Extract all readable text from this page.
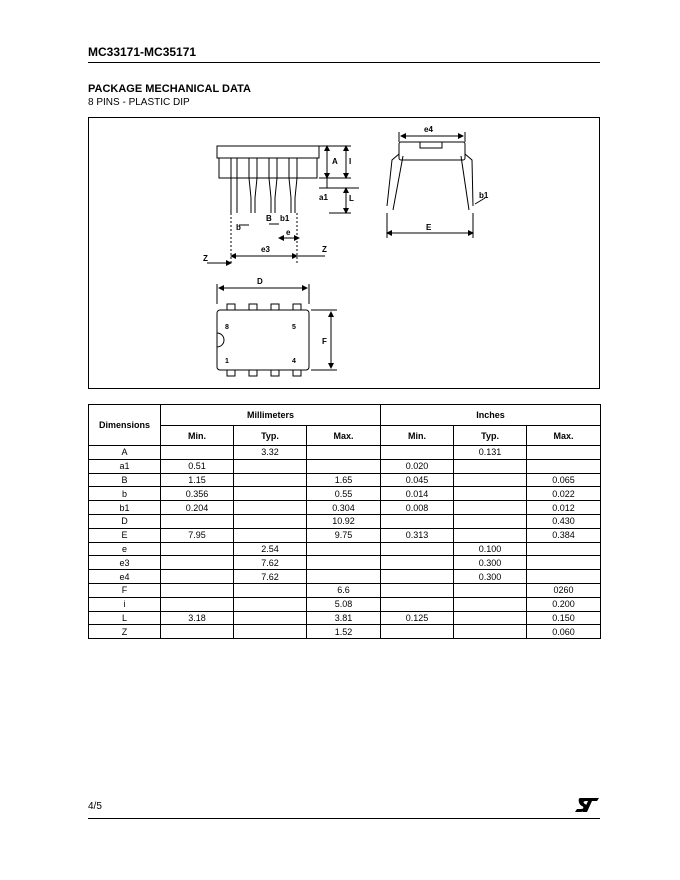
MC33171-MC35171
PACKAGE MECHANICAL DATA
8 PINS - PLASTIC DIP
A I
L
a1
b
B b1
e
e3
Z
Z
e4
b1
E
D
F
8	5
1	4
Dimensions	Millimeters			Inches		
	Min.	Typ.	Max.	Min.	Typ.	Max.
A		3.32			0.131	
a1	0.51			0.020		
B	1.15		1.65	0.045		0.065
b	0.356		0.55	0.014		0.022
b1	0.204		0.304	0.008		0.012
D			10.92			0.430
E	7.95		9.75	0.313		0.384
e		2.54			0.100	
e3		7.62			0.300	
e4		7.62			0.300	
F			6.6			0260
i			5.08			0.200
L	3.18		3.81	0.125		0.150
Z			1.52			0.060
4/5
